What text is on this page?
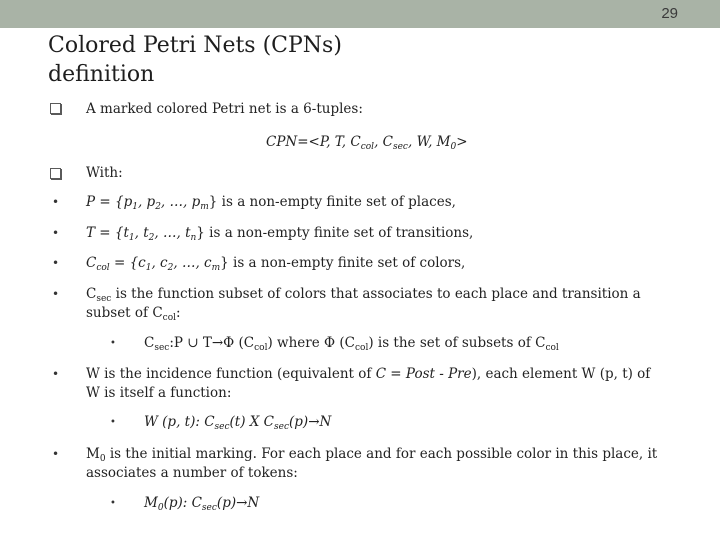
29
Colored Petri Nets (CPNs)
definition
A marked colored Petri net is a 6-tuples:
CPN=<P, T, $C_{col}$, $C_{sec}$, W, $M_0>$
With:
• $P = \{p_1$, $p_2$, …, $p_m$} is a non-empty finite set of places,
• $T = \{t_1$, $t_2$, …, $t_n$} is a non-empty finite set of transitions,
• $C_{col} = \{c_1$, $c_2$, …, $c_m$} is a non-empty finite set of colors,
• $C_{sec}$ is the function subset of colors that associates to each place and transition a subset of $C_{col}$:
• $C_{sec}:P$ ∪ T→Φ $(C_{col})$ where Φ $(C_{col})$ is the set of subsets of $C_{col}$
• W is the incidence function (equivalent of C = Post - Pre), each element W (p, t) of W is itself a function:
• W (p, t): $C_{sec}(t)$ X $C_{sec}(p)\to N$
• $M_0$ is the initial marking. For each place and for each possible color in this place, it associates a number of tokens:
• $M_0(p)$: $C_{sec}(p)\to N$
